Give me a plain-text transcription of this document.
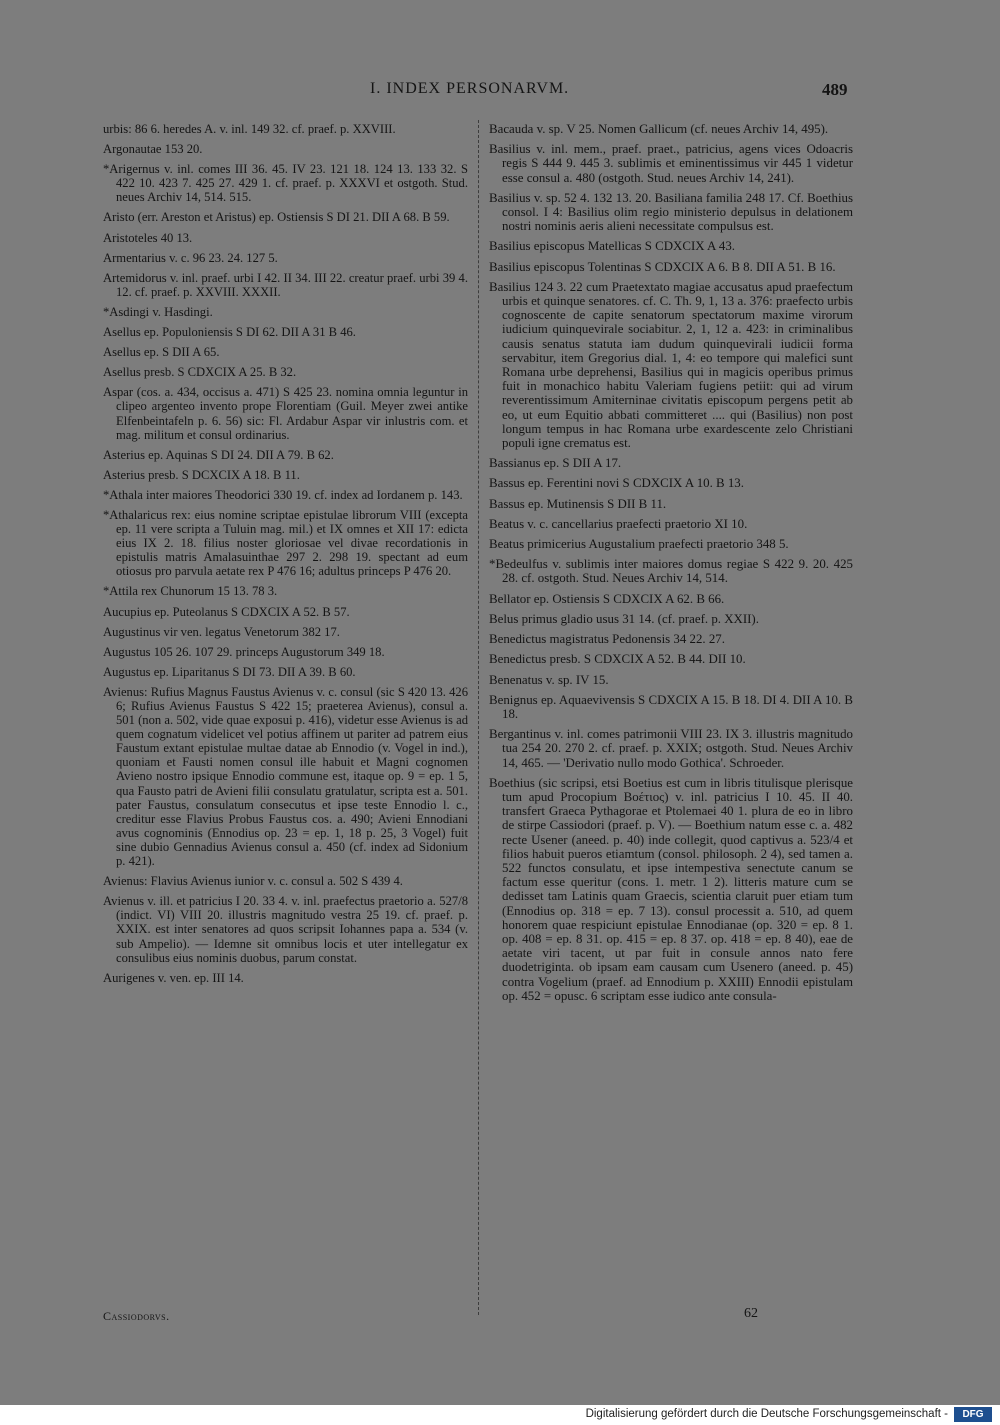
I. INDEX PERSONARVM.	489

urbis: 86 6. heredes A. v. inl. 149 32. cf. praef. p. XXVIII.

Argonautae 153 20.

*Arigernus v. inl. comes III 36. 45. IV 23. 121 18. 124 13. 133 32. S 422 10. 423 7. 425 27. 429 1. cf. praef. p. XXXVI et ostgoth. Stud. neues Archiv 14, 514. 515.

Aristo (err. Areston et Aristus) ep. Ostiensis S DI 21. DII A 68. B 59.

Aristoteles 40 13.

Armentarius v. c. 96 23. 24. 127 5.

Artemidorus v. inl. praef. urbi I 42. II 34. III 22. creatur praef. urbi 39 4. 12. cf. praef. p. XXVIII. XXXII.

*Asdingi v. Hasdingi.

Asellus ep. Populoniensis S DI 62. DII A 31 B 46.

Asellus ep. S DII A 65.

Asellus presb. S CDXCIX A 25. B 32.

Aspar (cos. a. 434, occisus a. 471) S 425 23. nomina omnia leguntur in clipeo argenteo invento prope Florentiam (Guil. Meyer zwei antike Elfenbeintafeln p. 6. 56) sic: Fl. Ardabur Aspar vir inlustris com. et mag. militum et consul ordinarius.

Asterius ep. Aquinas S DI 24. DII A 79. B 62.

Asterius presb. S DCXCIX A 18. B 11.

*Athala inter maiores Theodorici 330 19. cf. index ad Iordanem p. 143.

*Athalaricus rex: eius nomine scriptae epistulae librorum VIII (excepta ep. 11 vere scripta a Tuluin mag. mil.) et IX omnes et XII 17: edicta eius IX 2. 18. filius noster gloriosae vel divae recordationis in epistulis matris Amalasuinthae 297 2. 298 19. spectant ad eum otiosus pro parvula aetate rex P 476 16; adultus princeps P 476 20.

*Attila rex Chunorum 15 13. 78 3.

Aucupius ep. Puteolanus S CDXCIX A 52. B 57.

Augustinus vir ven. legatus Venetorum 382 17.

Augustus 105 26. 107 29. princeps Augustorum 349 18.

Augustus ep. Liparitanus S DI 73. DII A 39. B 60.

Avienus: Rufius Magnus Faustus Avienus v. c. consul (sic S 420 13. 426 6; Rufius Avienus Faustus S 422 15; praeterea Avienus), consul a. 501 (non a. 502, vide quae exposui p. 416), videtur esse Avienus is ad quem cognatum videlicet vel potius affinem ut pariter ad patrem eius Faustum extant epistulae multae datae ab Ennodio (v. Vogel in ind.), quoniam et Fausti nomen consul ille habuit et Magni cognomen Avieno nostro ipsique Ennodio commune est, itaque op. 9 = ep. 1 5, qua Fausto patri de Avieni filii consulatu gratulatur, scripta est a. 501. pater Faustus, consulatum consecutus et ipse teste Ennodio l. c., creditur esse Flavius Probus Faustus cos. a. 490; Avieni Ennodiani avus cognominis (Ennodius op. 23 = ep. 1, 18 p. 25, 3 Vogel) fuit sine dubio Gennadius Avienus consul a. 450 (cf. index ad Sidonium p. 421).

Avienus: Flavius Avienus iunior v. c. consul a. 502 S 439 4.

Avienus v. ill. et patricius I 20. 33 4. v. inl. praefectus praetorio a. 527/8 (indict. VI) VIII 20. illustris magnitudo vestra 25 19. cf. praef. p. XXIX. est inter senatores ad quos scripsit Iohannes papa a. 534 (v. sub Ampelio). — Idemne sit omnibus locis et uter intellegatur ex consulibus eius nominis duobus, parum constat.

Aurigenes v. ven. ep. III 14.

Bacauda v. sp. V 25. Nomen Gallicum (cf. neues Archiv 14, 495).

Basilius v. inl. mem., praef. praet., patricius, agens vices Odoacris regis S 444 9. 445 3. sublimis et eminentissimus vir 445 1 videtur esse consul a. 480 (ostgoth. Stud. neues Archiv 14, 241).

Basilius v. sp. 52 4. 132 13. 20. Basiliana familia 248 17. Cf. Boethius consol. I 4: Basilius olim regio ministerio depulsus in delationem nostri nominis aeris alieni necessitate compulsus est.

Basilius episcopus Matellicas S CDXCIX A 43.

Basilius episcopus Tolentinas S CDXCIX A 6. B 8. DII A 51. B 16.

Basilius 124 3. 22 cum Praetextato magiae accusatus apud praefectum urbis et quinque senatores. cf. C. Th. 9, 1, 13 a. 376: praefecto urbis cognoscente de capite senatorum spectatorum maxime virorum iudicium quinquevirale sociabitur. 2, 1, 12 a. 423: in criminalibus causis senatus statuta iam dudum quinquevirali iudicii forma servabitur, item Gregorius dial. 1, 4: eo tempore qui malefici sunt Romana urbe deprehensi, Basilius qui in magicis operibus primus fuit in monachico habitu Valeriam fugiens petiit: qui ad virum reverentissimum Amiterninae civitatis episcopum pergens petit ab eo, ut eum Equitio abbati committeret .... qui (Basilius) non post longum tempus in hac Romana urbe exardescente zelo Christiani populi igne crematus est.

Bassianus ep. S DII A 17.

Bassus ep. Ferentini novi S CDXCIX A 10. B 13.

Bassus ep. Mutinensis S DII B 11.

Beatus v. c. cancellarius praefecti praetorio XI 10.

Beatus primicerius Augustalium praefecti praetorio 348 5.

*Bedeulfus v. sublimis inter maiores domus regiae S 422 9. 20. 425 28. cf. ostgoth. Stud. Neues Archiv 14, 514.

Bellator ep. Ostiensis S CDXCIX A 62. B 66.

Belus primus gladio usus 31 14. (cf. praef. p. XXII).

Benedictus magistratus Pedonensis 34 22. 27.

Benedictus presb. S CDXCIX A 52. B 44. DII 10.

Benenatus v. sp. IV 15.

Benignus ep. Aquaevivensis S CDXCIX A 15. B 18. DI 4. DII A 10. B 18.

Bergantinus v. inl. comes patrimonii VIII 23. IX 3. illustris magnitudo tua 254 20. 270 2. cf. praef. p. XXIX; ostgoth. Stud. Neues Archiv 14, 465. — 'Derivatio nullo modo Gothica'. Schroeder.

Boethius (sic scripsi, etsi Boetius est cum in libris titulisque plerisque tum apud Procopium Βοέτιος) v. inl. patricius I 10. 45. II 40. transfert Graeca Pythagorae et Ptolemaei 40 1. plura de eo in libro de stirpe Cassiodori (praef. p. V). — Boethium natum esse c. a. 482 recte Usener (aneed. p. 40) inde collegit, quod captivus a. 523/4 et filios habuit pueros etiamtum (consol. philosoph. 2 4), sed tamen a. 522 functos consulatu, et ipse intempestiva senectute canum se factum esse queritur (cons. 1. metr. 1 2). litteris mature cum se dedisset tam Latinis quam Graecis, scientia claruit puer etiam tum (Ennodius op. 318 = ep. 7 13). consul processit a. 510, ad quem honorem quae respiciunt epistulae Ennodianae (op. 320 = ep. 8 1. op. 408 = ep. 8 31. op. 415 = ep. 8 37. op. 418 = ep. 8 40), eae de aetate viri tacent, ut par fuit in consule annos nato fere duodetriginta. ob ipsam eam causam cum Usenero (aneed. p. 45) contra Vogelium (praef. ad Ennodium p. XXIII) Ennodii epistulam op. 452 = opusc. 6 scriptam esse iudico ante consula-

Cassiodorvs.	62
Digitalisierung gefördert durch die Deutsche Forschungsgemeinschaft -	DFG
